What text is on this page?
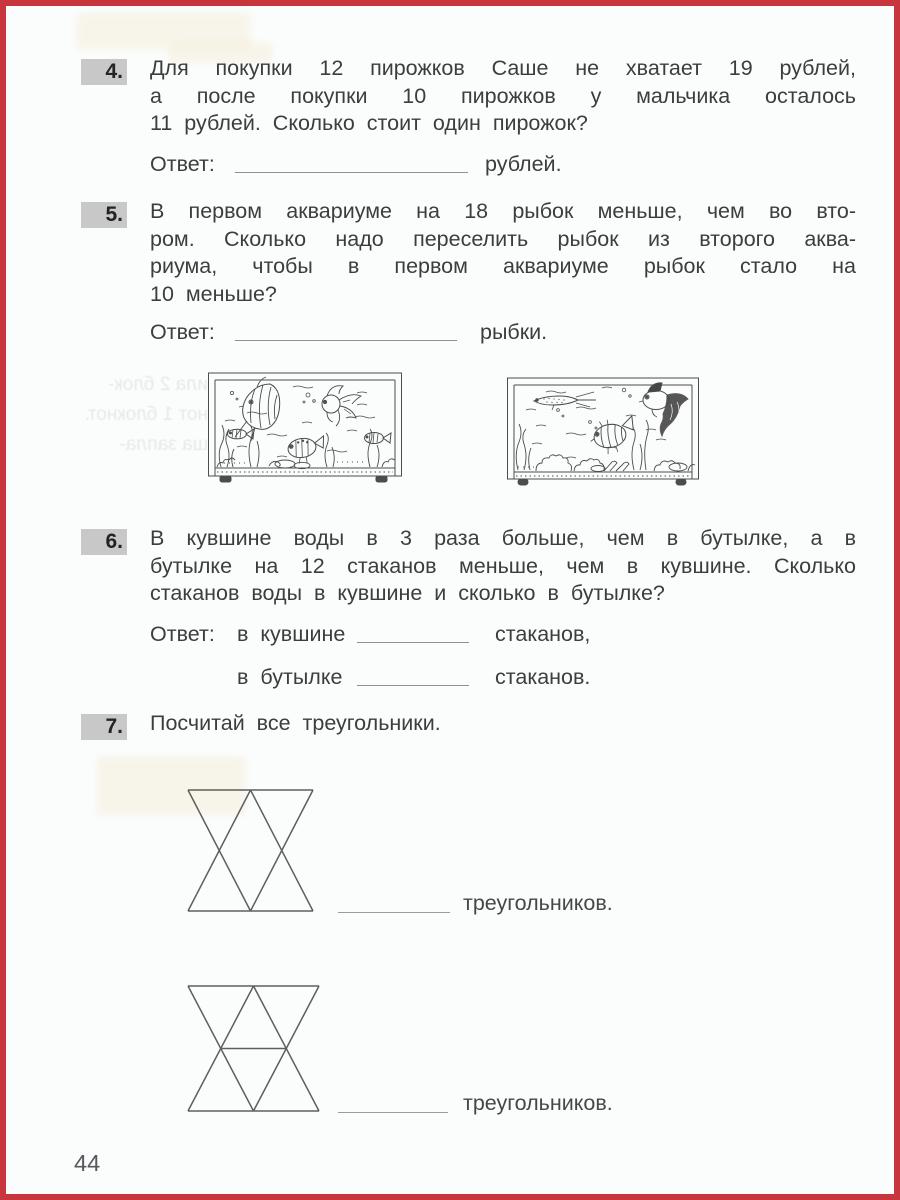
4. Для покупки 12 пирожков Саше не хватает 19 рублей,
а после покупки 10 пирожков у мальчика осталось
11 рублей. Сколько стоит один пирожок?
Ответ:	рублей.
5. В первом аквариуме на 18 рыбок меньше, чем во вто-
ром. Сколько надо переселить рыбок из второго аква-
риума, чтобы в первом аквариуме рыбок стало на
10 меньше?
Ответ:	рыбки.
ила 2 блок-
нот 1 блокнот.
ша запла-
6. В кувшине воды в 3 раза больше, чем в бутылке, а в
бутылке на 12 стаканов меньше, чем в кувшине. Сколько
стаканов воды в кувшине и сколько в бутылке?
Ответ: в кувшине	стаканов,
в бутылке	стаканов.
7. Посчитай все треугольники.
треугольников.
треугольников.
44
